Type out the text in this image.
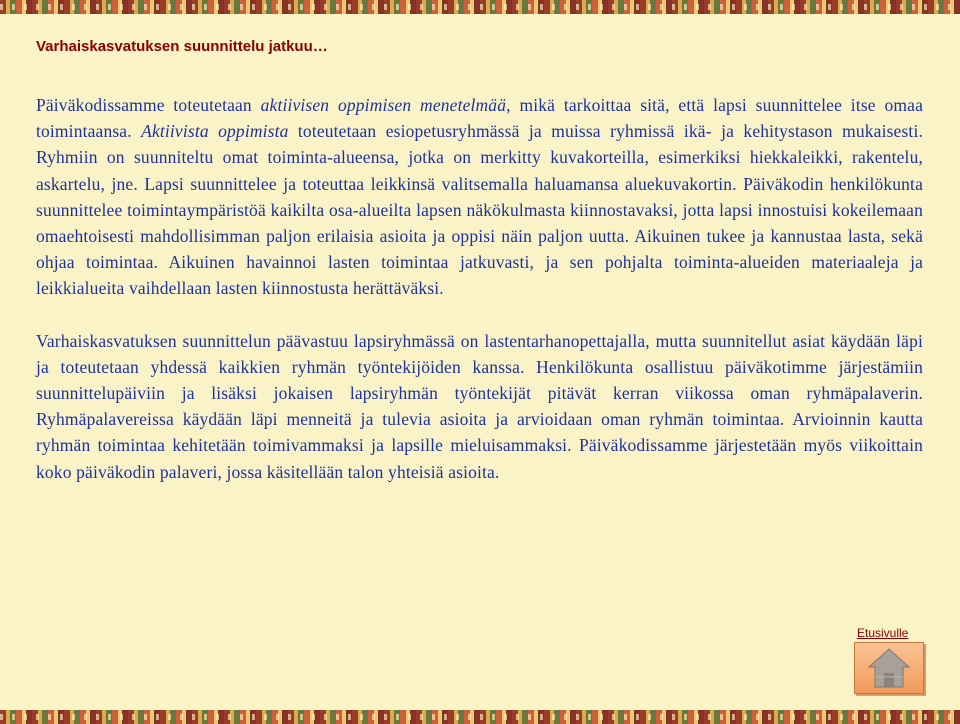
Varhaiskasvatuksen suunnittelu jatkuu…

Päiväkodissamme toteutetaan aktiivisen oppimisen menetelmää, mikä tarkoittaa sitä, että lapsi suunnittelee itse omaa toimintaansa. Aktiivista oppimista toteutetaan esiopetusryhmässä ja muissa ryhmissä ikä- ja kehitystason mukaisesti. Ryhmiin on suunniteltu omat toiminta-alueensa, jotka on merkitty kuvakorteilla, esimerkiksi hiekkaleikki, rakentelu, askartelu, jne. Lapsi suunnittelee ja toteuttaa leikkinsä valitsemalla haluamansa aluekuvakortin. Päiväkodin henkilökunta suunnittelee toimintaympäristöä kaikilta osa-alueilta lapsen näkökulmasta kiinnostavaksi, jotta lapsi innostuisi kokeilemaan omaehtoisesti mahdollisimman paljon erilaisia asioita ja oppisi näin paljon uutta. Aikuinen tukee ja kannustaa lasta, sekä ohjaa toimintaa. Aikuinen havainnoi lasten toimintaa jatkuvasti, ja sen pohjalta toiminta-alueiden materiaaleja ja leikkialueita vaihdellaan lasten kiinnostusta herättäväksi.

Varhaiskasvatuksen suunnittelun päävastuu lapsiryhmässä on lastentarhanopettajalla, mutta suunnitellut asiat käydään läpi ja toteutetaan yhdessä kaikkien ryhmän työntekijöiden kanssa. Henkilökunta osallistuu päiväkotimme järjestämiin suunnittelupäiviin ja lisäksi jokaisen lapsiryhmän työntekijät pitävät kerran viikossa oman ryhmäpalaverin. Ryhmäpalavereissa käydään läpi menneitä ja tulevia asioita ja arvioidaan oman ryhmän toimintaa. Arvioinnin kautta ryhmän toimintaa kehitetään toimivammaksi ja lapsille mieluisammaksi. Päiväkodissamme järjestetään myös viikoittain koko päiväkodin palaveri, jossa käsitellään talon yhteisiä asioita.

Etusivulle
